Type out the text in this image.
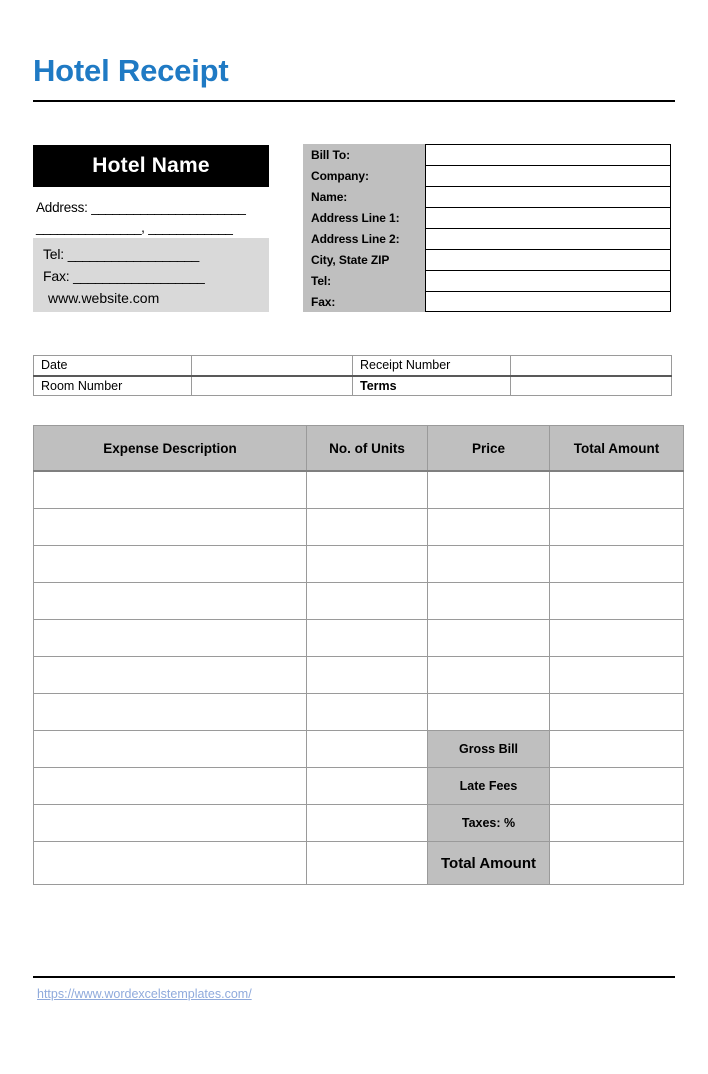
Hotel Receipt
Hotel Name
Address: ______________________
_______________, ____________
Tel: __________________
Fax: __________________
www.website.com
Bill To:
Company:
Name:
Address Line 1:
Address Line 2:
City, State ZIP
Tel:
Fax:
Date		Receipt Number	
Room Number		Terms	
Expense Description	No. of Units	Price	Total Amount

		Gross Bill	
		Late Fees	
		Taxes: %	
		Total Amount	
https://www.wordexcelstemplates.com/
